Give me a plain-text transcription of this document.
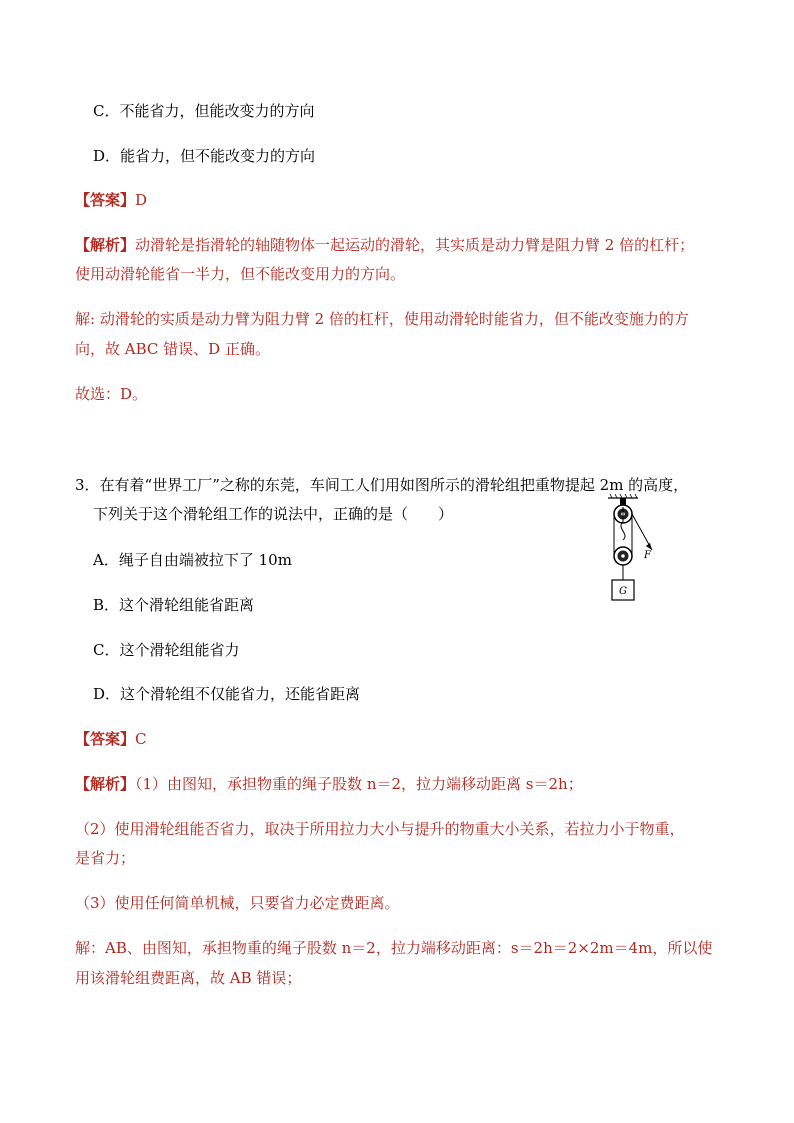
C．不能省力，但能改变力的方向
D．能省力，但不能改变力的方向
【答案】D
【解析】动滑轮是指滑轮的轴随物体一起运动的滑轮，其实质是动力臂是阻力臂 2 倍的杠杆；
使用动滑轮能省一半力，但不能改变用力的方向。
解: 动滑轮的实质是动力臂为阻力臂 2 倍的杠杆，使用动滑轮时能省力，但不能改变施力的方
向，故 ABC 错误、D 正确。
故选：D。
3．在有着“世界工厂”之称的东莞，车间工人们用如图所示的滑轮组把重物提起 2m 的高度，
下列关于这个滑轮组工作的说法中，正确的是（　　）
A．绳子自由端被拉下了 10m
B．这个滑轮组能省距离
C．这个滑轮组能省力
D．这个滑轮组不仅能省力，还能省距离
【答案】C
【解析】（1）由图知，承担物重的绳子股数 n＝2，拉力端移动距离 s＝2h；
（2）使用滑轮组能否省力，取决于所用拉力大小与提升的物重大小关系，若拉力小于物重，
是省力；
（3）使用任何简单机械，只要省力必定费距离。
解：AB、由图知，承担物重的绳子股数 n＝2，拉力端移动距离：s＝2h＝2×2m＝4m，所以使
用该滑轮组费距离，故 AB 错误；
F
G
